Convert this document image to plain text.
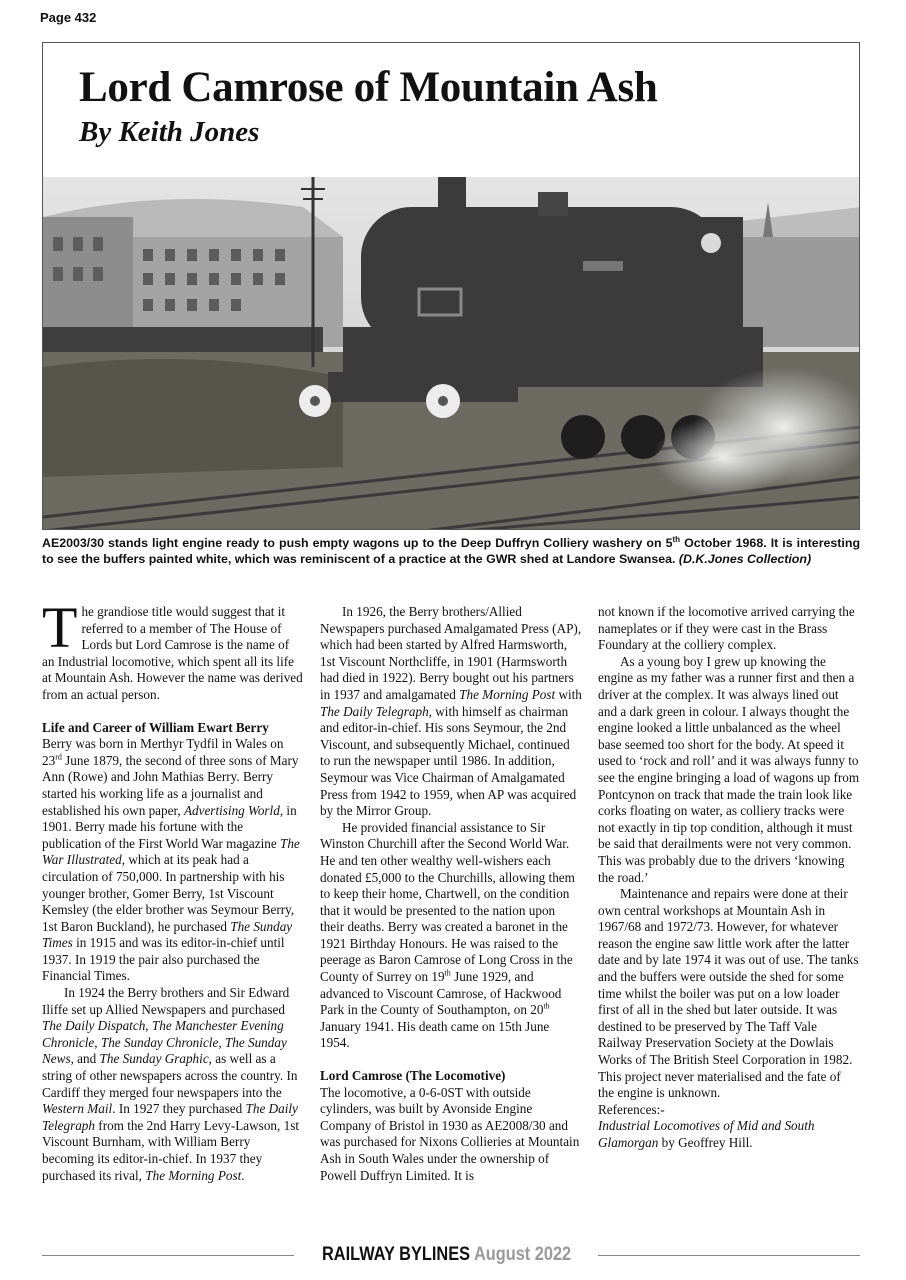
Page 432
Lord Camrose of Mountain Ash
By Keith Jones
AE2003/30 stands light engine ready to push empty wagons up to the Deep Duffryn Colliery washery on 5th October 1968. It is interesting to see the buffers painted white, which was reminiscent of a practice at the GWR shed at Landore Swansea. (D.K.Jones Collection)

The grandiose title would suggest that it referred to a member of The House of Lords but Lord Camrose is the name of an Industrial locomotive, which spent all its life at Mountain Ash. However the name was derived from an actual person.

Life and Career of William Ewart Berry

Berry was born in Merthyr Tydfil in Wales on 23rd June 1879, the second of three sons of Mary Ann (Rowe) and John Mathias Berry. Berry started his working life as a journalist and established his own paper, Advertising World, in 1901. Berry made his fortune with the publication of the First World War magazine The War Illustrated, which at its peak had a circulation of 750,000. In partnership with his younger brother, Gomer Berry, 1st Viscount Kemsley (the elder brother was Seymour Berry, 1st Baron Buckland), he purchased The Sunday Times in 1915 and was its editor-in-chief until 1937. In 1919 the pair also purchased the Financial Times.

In 1924 the Berry brothers and Sir Edward Iliffe set up Allied Newspapers and purchased The Daily Dispatch, The Manchester Evening Chronicle, The Sunday Chronicle, The Sunday News, and The Sunday Graphic, as well as a string of other newspapers across the country. In Cardiff they merged four newspapers into the Western Mail. In 1927 they purchased The Daily Telegraph from the 2nd Harry Levy-Lawson, 1st Viscount Burnham, with William Berry becoming its editor-in-chief. In 1937 they purchased its rival, The Morning Post.

In 1926, the Berry brothers/Allied Newspapers purchased Amalgamated Press (AP), which had been started by Alfred Harmsworth, 1st Viscount Northcliffe, in 1901 (Harmsworth had died in 1922). Berry bought out his partners in 1937 and amalgamated The Morning Post with The Daily Telegraph, with himself as chairman and editor-in-chief. His sons Seymour, the 2nd Viscount, and subsequently Michael, continued to run the newspaper until 1986. In addition, Seymour was Vice Chairman of Amalgamated Press from 1942 to 1959, when AP was acquired by the Mirror Group.

He provided financial assistance to Sir Winston Churchill after the Second World War. He and ten other wealthy well-wishers each donated £5,000 to the Churchills, allowing them to keep their home, Chartwell, on the condition that it would be presented to the nation upon their deaths. Berry was created a baronet in the 1921 Birthday Honours. He was raised to the peerage as Baron Camrose of Long Cross in the County of Surrey on 19th June 1929, and advanced to Viscount Camrose, of Hackwood Park in the County of Southampton, on 20th January 1941. His death came on 15th June 1954.

Lord Camrose (The Locomotive)

The locomotive, a 0-6-0ST with outside cylinders, was built by Avonside Engine Company of Bristol in 1930 as AE2008/30 and was purchased for Nixons Collieries at Mountain Ash in South Wales under the ownership of Powell Duffryn Limited. It is

not known if the locomotive arrived carrying the nameplates or if they were cast in the Brass Foundary at the colliery complex.

As a young boy I grew up knowing the engine as my father was a runner first and then a driver at the complex. It was always lined out and a dark green in colour. I always thought the engine looked a little unbalanced as the wheel base seemed too short for the body. At speed it used to ‘rock and roll’ and it was always funny to see the engine bringing a load of wagons up from Pontcynon on track that made the train look like corks floating on water, as colliery tracks were not exactly in tip top condition, although it must be said that derailments were not very common. This was probably due to the drivers ‘knowing the road.’

Maintenance and repairs were done at their own central workshops at Mountain Ash in 1967/68 and 1972/73. However, for whatever reason the engine saw little work after the latter date and by late 1974 it was out of use. The tanks and the buffers were outside the shed for some time whilst the boiler was put on a low loader first of all in the shed but later outside. It was destined to be preserved by The Taff Vale Railway Preservation Society at the Dowlais Works of The British Steel Corporation in 1982. This project never materialised and the fate of the engine is unknown.

References:-

Industrial Locomotives of Mid and South Glamorgan by Geoffrey Hill.

RAILWAY BYLINES August 2022
